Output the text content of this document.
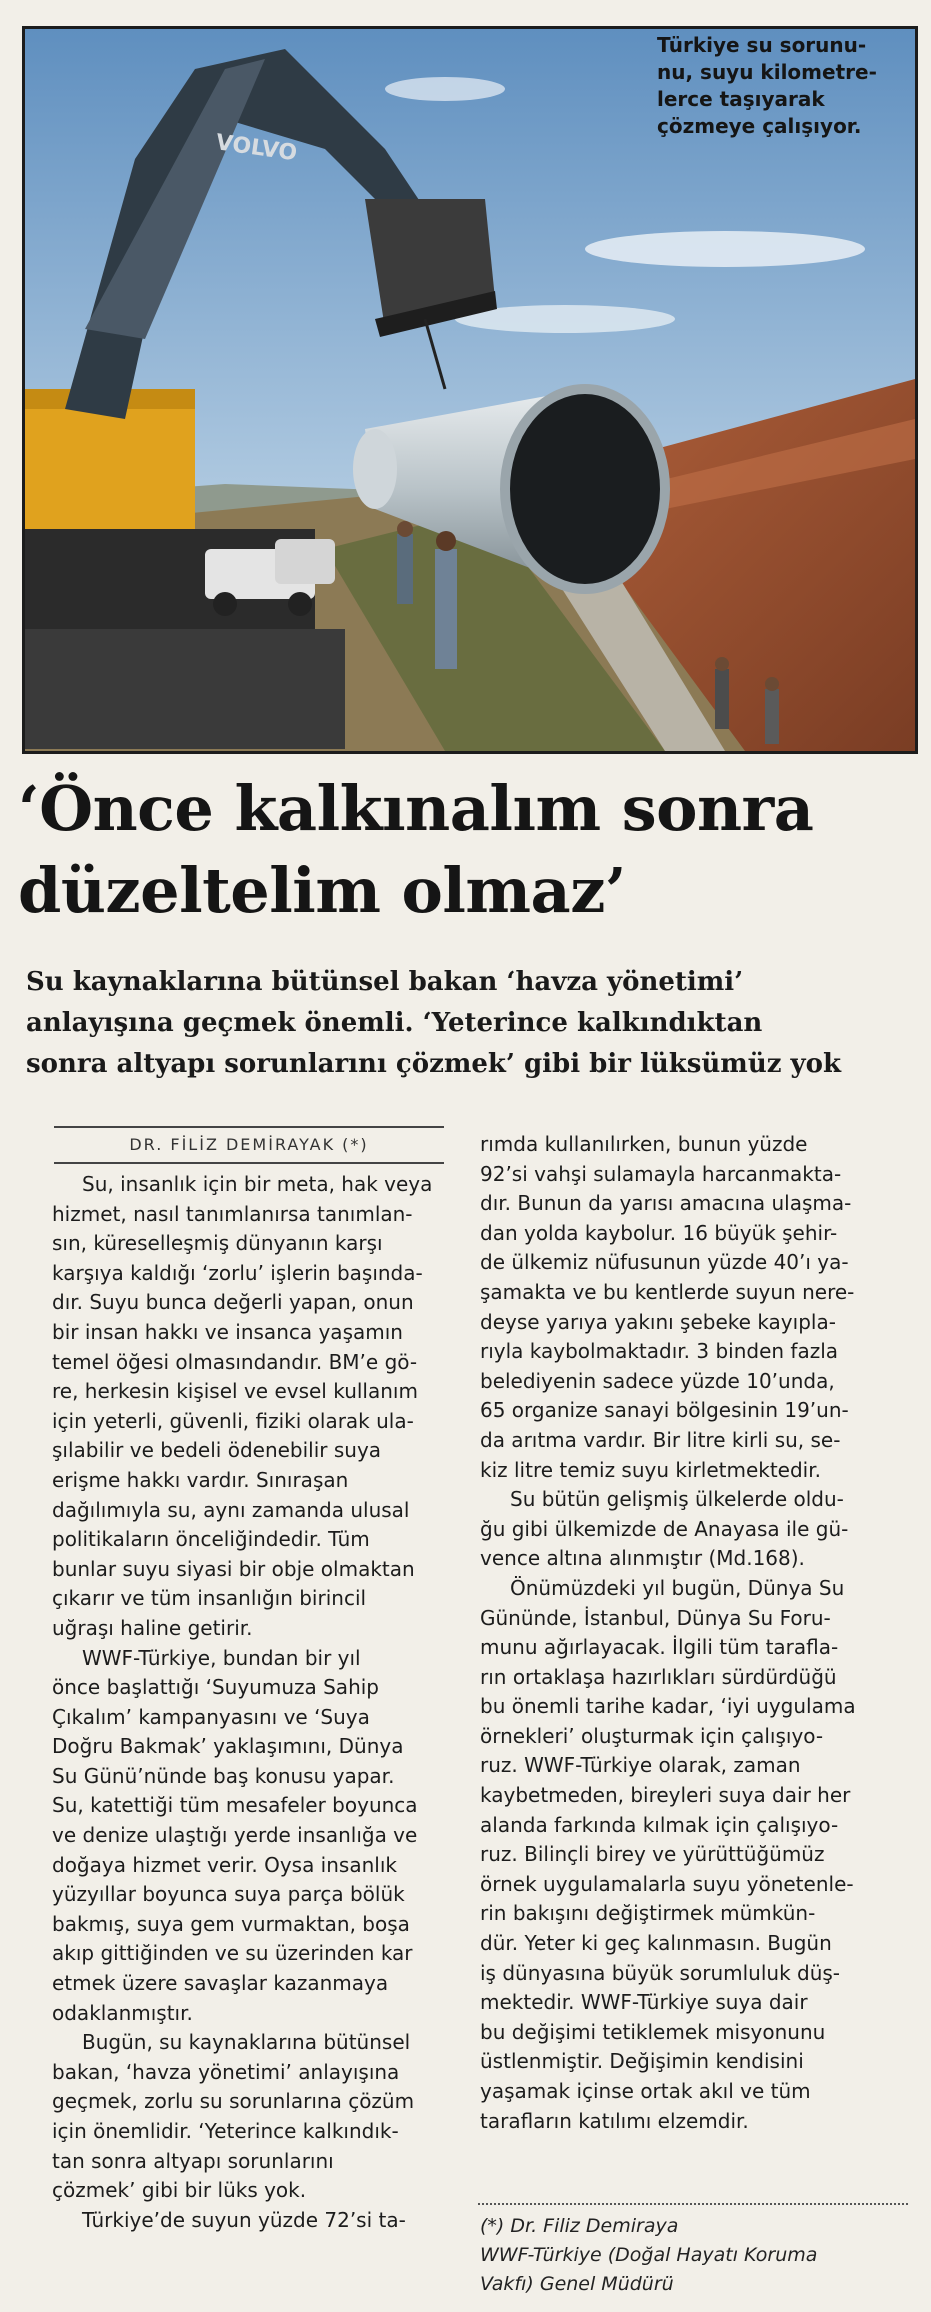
VOLVO
Türkiye su sorunu-
nu, suyu kilometre-
lerce taşıyarak
çözmeye çalışıyor.
‘Önce kalkınalım sonra
düzeltelim olmaz’
Su kaynaklarına bütünsel bakan ‘havza yönetimi’
anlayışına geçmek önemli. ‘Yeterince kalkındıktan
sonra altyapı sorunlarını çözmek’ gibi bir lüksümüz yok
DR. FİLİZ DEMİRAYAK (*)
Su, insanlık için bir meta, hak veya
hizmet, nasıl tanımlanırsa tanımlan-
sın, küreselleşmiş dünyanın karşı
karşıya kaldığı ‘zorlu’ işlerin başında-
dır. Suyu bunca değerli yapan, onun
bir insan hakkı ve insanca yaşamın
temel öğesi olmasındandır. BM’e gö-
re, herkesin kişisel ve evsel kullanım
için yeterli, güvenli, fiziki olarak ula-
şılabilir ve bedeli ödenebilir suya
erişme hakkı vardır. Sınıraşan
dağılımıyla su, aynı zamanda ulusal
politikaların önceliğindedir. Tüm
bunlar suyu siyasi bir obje olmaktan
çıkarır ve tüm insanlığın birincil
uğraşı haline getirir.
WWF-Türkiye, bundan bir yıl
önce başlattığı ‘Suyumuza Sahip
Çıkalım’ kampanyasını ve ‘Suya
Doğru Bakmak’ yaklaşımını, Dünya
Su Günü’nünde baş konusu yapar.
Su, katettiği tüm mesafeler boyunca
ve denize ulaştığı yerde insanlığa ve
doğaya hizmet verir. Oysa insanlık
yüzyıllar boyunca suya parça bölük
bakmış, suya gem vurmaktan, boşa
akıp gittiğinden ve su üzerinden kar
etmek üzere savaşlar kazanmaya
odaklanmıştır.
Bugün, su kaynaklarına bütünsel
bakan, ‘havza yönetimi’ anlayışına
geçmek, zorlu su sorunlarına çözüm
için önemlidir. ‘Yeterince kalkındık-
tan sonra altyapı sorunlarını
çözmek’ gibi bir lüks yok.
Türkiye’de suyun yüzde 72’si ta-
rımda kullanılırken, bunun yüzde
92’si vahşi sulamayla harcanmakta-
dır. Bunun da yarısı amacına ulaşma-
dan yolda kaybolur. 16 büyük şehir-
de ülkemiz nüfusunun yüzde 40’ı ya-
şamakta ve bu kentlerde suyun nere-
deyse yarıya yakını şebeke kayıpla-
rıyla kaybolmaktadır. 3 binden fazla
belediyenin sadece yüzde 10’unda,
65 organize sanayi bölgesinin 19’un-
da arıtma vardır. Bir litre kirli su, se-
kiz litre temiz suyu kirletmektedir.
Su bütün gelişmiş ülkelerde oldu-
ğu gibi ülkemizde de Anayasa ile gü-
vence altına alınmıştır (Md.168).
Önümüzdeki yıl bugün, Dünya Su
Gününde, İstanbul, Dünya Su Foru-
munu ağırlayacak. İlgili tüm tarafla-
rın ortaklaşa hazırlıkları sürdürdüğü
bu önemli tarihe kadar, ‘iyi uygulama
örnekleri’ oluşturmak için çalışıyo-
ruz. WWF-Türkiye olarak, zaman
kaybetmeden, bireyleri suya dair her
alanda farkında kılmak için çalışıyo-
ruz. Bilinçli birey ve yürüttüğümüz
örnek uygulamalarla suyu yönetenle-
rin bakışını değiştirmek mümkün-
dür. Yeter ki geç kalınmasın. Bugün
iş dünyasına büyük sorumluluk düş-
mektedir. WWF-Türkiye suya dair
bu değişimi tetiklemek misyonunu
üstlenmiştir. Değişimin kendisini
yaşamak içinse ortak akıl ve tüm
tarafların katılımı elzemdir.
(*) Dr. Filiz Demiraya
WWF-Türkiye (Doğal Hayatı Koruma
Vakfı) Genel Müdürü
